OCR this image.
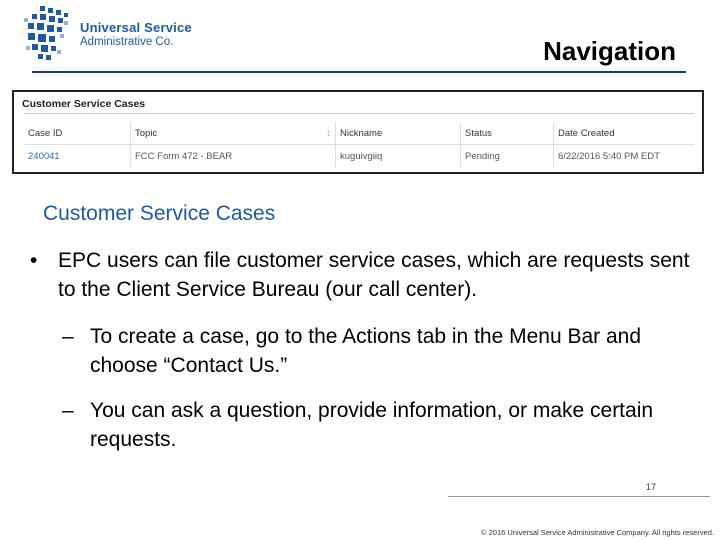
Universal Service
Administrative Co.	Navigation
Customer Service Cases
Case ID	Topic	↕ Nickname	Status	Date Created
240041	FCC Form 472 - BEAR	kuguivgiiq	Pending	6/22/2016 5:40 PM EDT
Customer Service Cases
• EPC users can file customer service cases, which are requests sent to the Client Service Bureau (our call center).
– To create a case, go to the Actions tab in the Menu Bar and choose “Contact Us.”
– You can ask a question, provide information, or make certain requests.
17
© 2016 Universal Service Administrative Company. All rights reserved.
